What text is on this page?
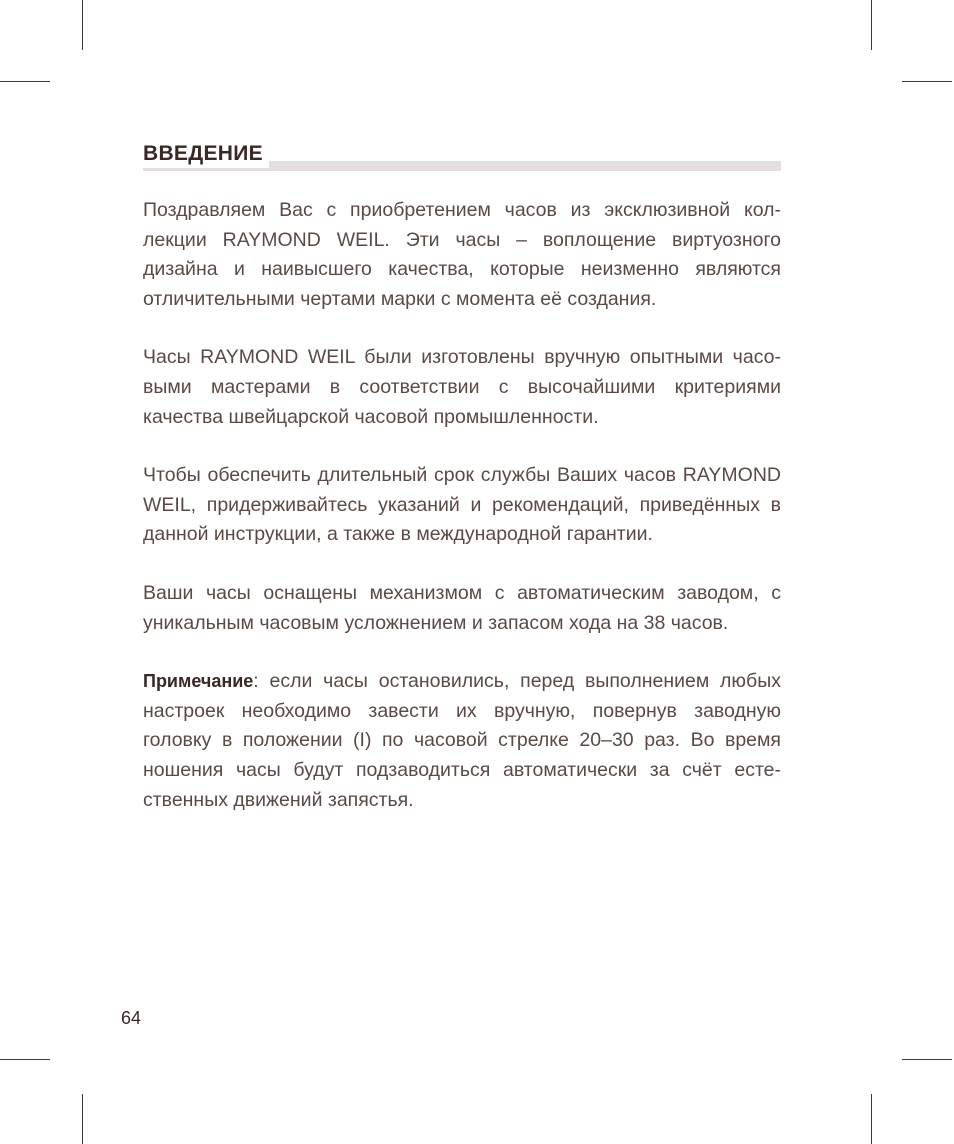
ВВЕДЕНИЕ

Поздравляем Вас с приобретением часов из эксклюзивной кол-лекции RAYMOND WEIL. Эти часы – воплощение виртуозного дизайна и наивысшего качества, которые неизменно являются отличительными чертами марки с момента её создания.

Часы RAYMOND WEIL были изготовлены вручную опытными часо-выми мастерами в соответствии с высочайшими критериями качества швейцарской часовой промышленности.

Чтобы обеспечить длительный срок службы Ваших часов RAYMOND WEIL, придерживайтесь указаний и рекомендаций, приведённых в данной инструкции, а также в международной гарантии.

Ваши часы оснащены механизмом с автоматическим заводом, с уникальным часовым усложнением и запасом хода на 38 часов.

Примечание: если часы остановились, перед выполнением любых настроек необходимо завести их вручную, повернув заводную головку в положении (I) по часовой стрелке 20–30 раз. Во время ношения часы будут подзаводиться автоматически за счёт есте-ственных движений запястья.

64
